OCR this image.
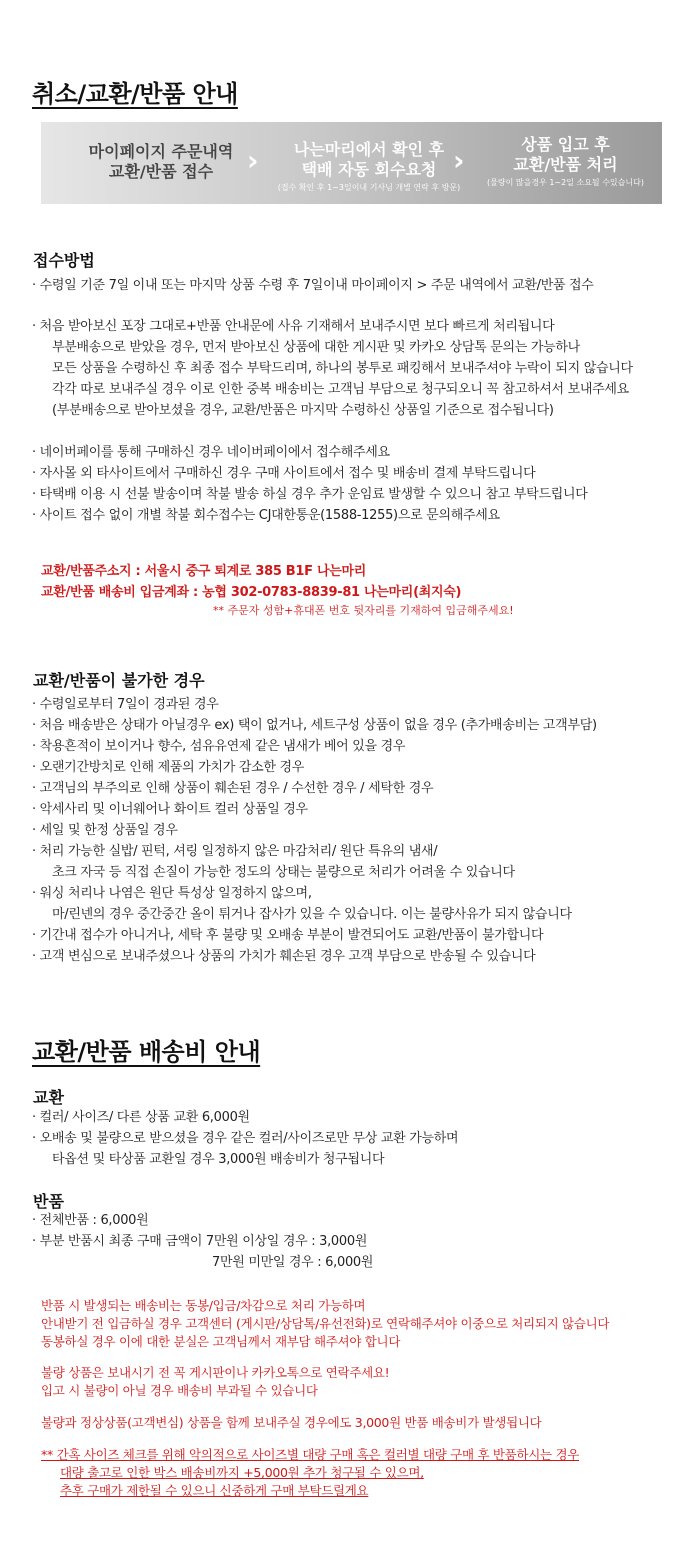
취소/교환/반품 안내
마이페이지 주문내역
교환/반품 접수	›	나는마리에서 확인 후
택배 자동 회수요청
(접수 확인 후 1~3일이내 기사님 개별 연락 후 방문)
›	상품 입고 후
교환/반품 처리
(물량이 많을경우 1~2일 소요될 수있습니다)
접수방법
· 수령일 기준 7일 이내 또는 마지막 상품 수령 후 7일이내 마이페이지 > 주문 내역에서 교환/반품 접수
· 처음 받아보신 포장 그대로+반품 안내문에 사유 기재해서 보내주시면 보다 빠르게 처리됩니다
부분배송으로 받았을 경우, 먼저 받아보신 상품에 대한 게시판 및 카카오 상담톡 문의는 가능하나
모든 상품을 수령하신 후 최종 접수 부탁드리며, 하나의 봉투로 패킹해서 보내주셔야 누락이 되지 않습니다
각각 따로 보내주실 경우 이로 인한 중복 배송비는 고객님 부담으로 청구되오니 꼭 참고하셔서 보내주세요
(부분배송으로 받아보셨을 경우, 교환/반품은 마지막 수령하신 상품일 기준으로 접수됩니다)
· 네이버페이를 통해 구매하신 경우 네이버페이에서 접수해주세요
· 자사몰 외 타사이트에서 구매하신 경우 구매 사이트에서 접수 및 배송비 결제 부탁드립니다
· 타택배 이용 시 선불 발송이며 착불 발송 하실 경우 추가 운임료 발생할 수 있으니 참고 부탁드립니다
· 사이트 접수 없이 개별 착불 회수접수는 CJ대한통운(1588-1255)으로 문의해주세요

교환/반품주소지 : 서울시 중구 퇴계로 385 B1F 나는마리

교환/반품 배송비 입금계좌 : 농협 302-0783-8839-81 나는마리(최지숙)

** 주문자 성함+휴대폰 번호 뒷자리를 기재하여 입금해주세요!

교환/반품이 불가한 경우
· 수령일로부터 7일이 경과된 경우
· 처음 배송받은 상태가 아닐경우 ex) 택이 없거나, 세트구성 상품이 없을 경우 (추가배송비는 고객부담)
· 착용흔적이 보이거나 향수, 섬유유연제 같은 냄새가 베어 있을 경우
· 오랜기간방치로 인해 제품의 가치가 감소한 경우
· 고객님의 부주의로 인해 상품이 훼손된 경우 / 수선한 경우 / 세탁한 경우
· 악세사리 및 이너웨어나 화이트 컬러 상품일 경우
· 세일 및 한정 상품일 경우
· 처리 가능한 실밥/ 핀턱, 셔링 일정하지 않은 마감처리/ 원단 특유의 냄새/
초크 자국 등 직접 손질이 가능한 정도의 상태는 불량으로 처리가 어려울 수 있습니다
· 워싱 처리나 나염은 원단 특성상 일정하지 않으며,
마/린넨의 경우 중간중간 올이 튀거나 잡사가 있을 수 있습니다. 이는 불량사유가 되지 않습니다
· 기간내 접수가 아니거나, 세탁 후 불량 및 오배송 부분이 발견되어도 교환/반품이 불가합니다
· 고객 변심으로 보내주셨으나 상품의 가치가 훼손된 경우 고객 부담으로 반송될 수 있습니다
교환/반품 배송비 안내
교환
· 컬러/ 사이즈/ 다른 상품 교환 6,000원
· 오배송 및 불량으로 받으셨을 경우 같은 컬러/사이즈로만 무상 교환 가능하며
타옵션 및 타상품 교환일 경우 3,000원 배송비가 청구됩니다
반품
· 전체반품 : 6,000원
· 부분 반품시 최종 구매 금액이 7만원 이상일 경우 : 3,000원
7만원 미만일 경우 : 6,000원

반품 시 발생되는 배송비는 동봉/입금/차감으로 처리 가능하며

안내받기 전 입금하실 경우 고객센터 (게시판/상담톡/유선전화)로 연락해주셔야 이중으로 처리되지 않습니다

동봉하실 경우 이에 대한 분실은 고객님께서 재부담 해주셔야 합니다

불량 상품은 보내시기 전 꼭 게시판이나 카카오톡으로 연락주세요!

입고 시 불량이 아닐 경우 배송비 부과될 수 있습니다

불량과 정상상품(고객변심) 상품을 함께 보내주실 경우에도 3,000원 반품 배송비가 발생됩니다

** 간혹 사이즈 체크를 위해 악의적으로 사이즈별 대량 구매 혹은 컬러별 대량 구매 후 반품하시는 경우

대량 출고로 인한 박스 배송비까지 +5,000원 추가 청구될 수 있으며,

추후 구매가 제한될 수 있으니 신중하게 구매 부탁드릴게요
